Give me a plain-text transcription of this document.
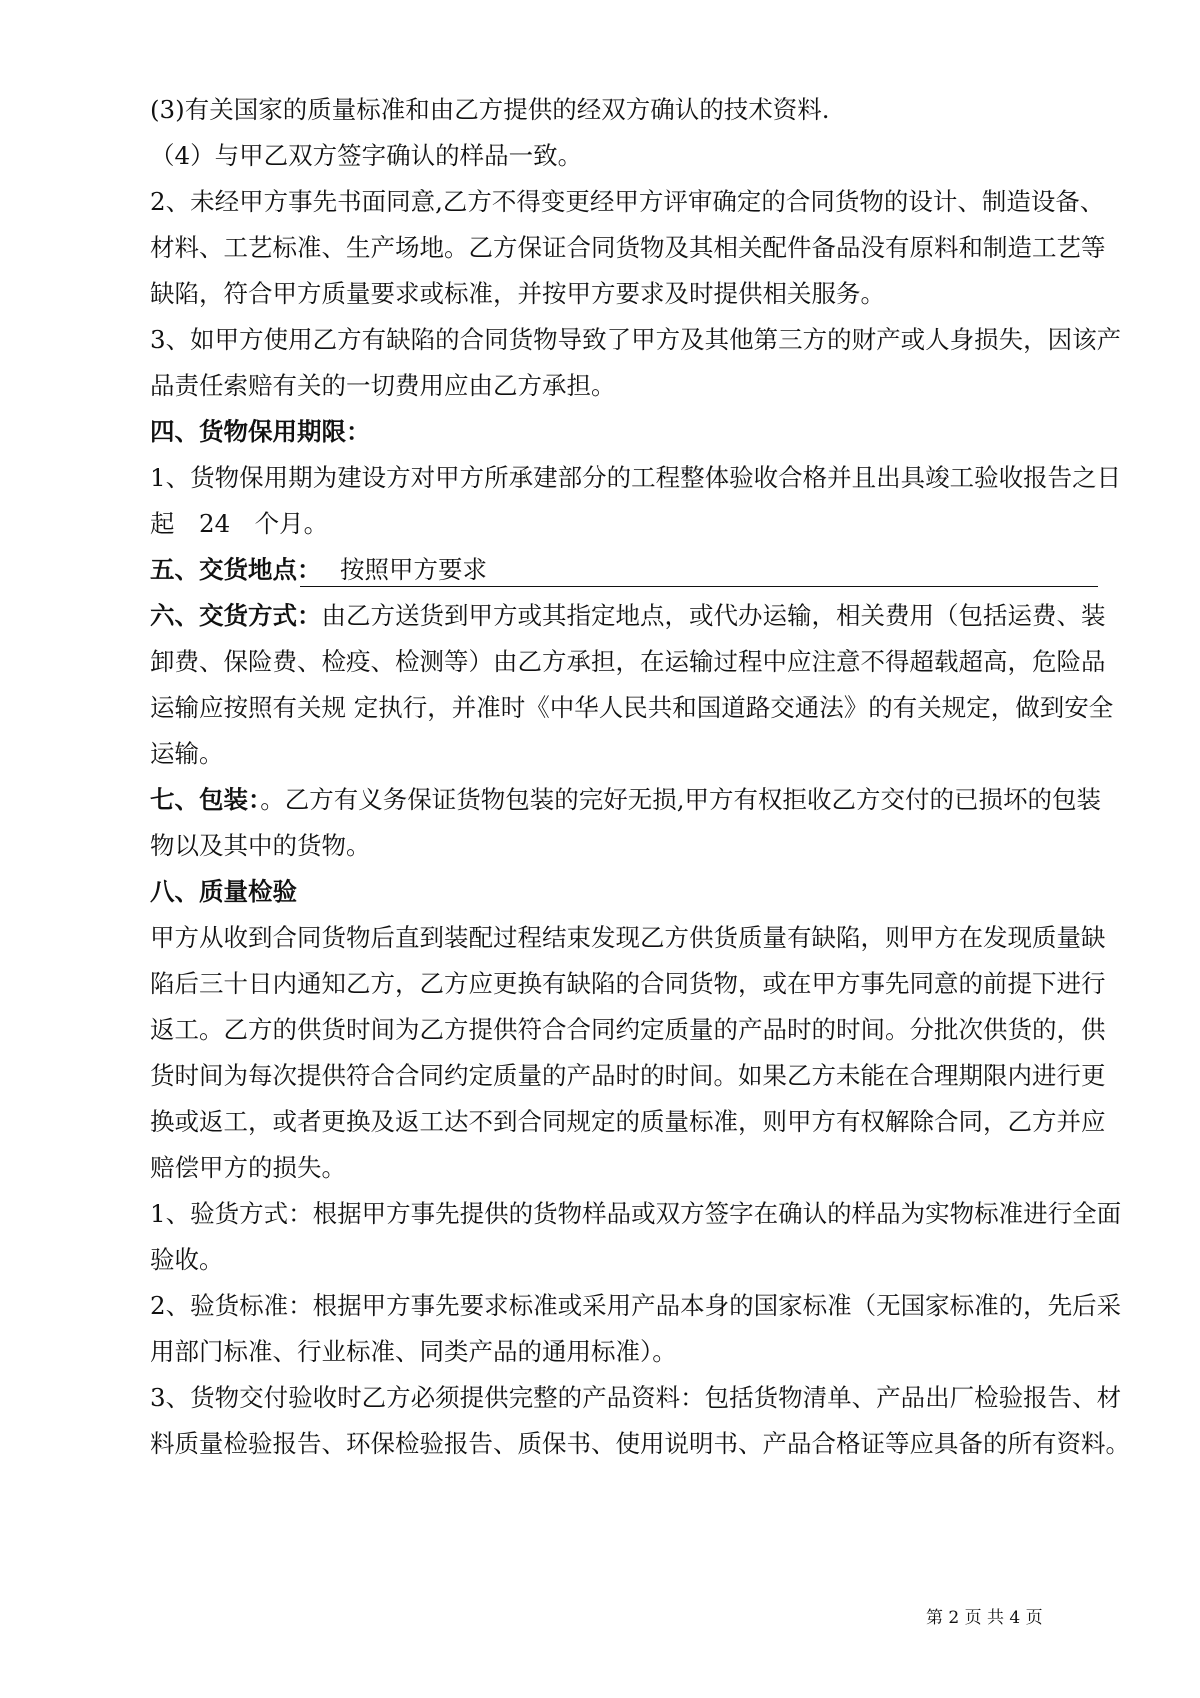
(3)有关国家的质量标准和由乙方提供的经双方确认的技术资料.
（4）与甲乙双方签字确认的样品一致。
2、未经甲方事先书面同意,乙方不得变更经甲方评审确定的合同货物的设计、制造设备、
材料、工艺标准、生产场地。乙方保证合同货物及其相关配件备品没有原料和制造工艺等
缺陷，符合甲方质量要求或标准，并按甲方要求及时提供相关服务。
3、如甲方使用乙方有缺陷的合同货物导致了甲方及其他第三方的财产或人身损失，因该产
品责任索赔有关的一切费用应由乙方承担。
四、货物保用期限：
1、货物保用期为建设方对甲方所承建部分的工程整体验收合格并且出具竣工验收报告之日
起　24　个月。
五、交货地点： 按照甲方要求
六、交货方式：由乙方送货到甲方或其指定地点，或代办运输，相关费用（包括运费、装
卸费、保险费、检疫、检测等）由乙方承担，在运输过程中应注意不得超载超高，危险品
运输应按照有关规 定执行，并准时《中华人民共和国道路交通法》的有关规定，做到安全
运输。
七、包装：。乙方有义务保证货物包装的完好无损,甲方有权拒收乙方交付的已损坏的包装
物以及其中的货物。
八、质量检验
甲方从收到合同货物后直到装配过程结束发现乙方供货质量有缺陷，则甲方在发现质量缺
陷后三十日内通知乙方，乙方应更换有缺陷的合同货物，或在甲方事先同意的前提下进行
返工。乙方的供货时间为乙方提供符合合同约定质量的产品时的时间。分批次供货的，供
货时间为每次提供符合合同约定质量的产品时的时间。如果乙方未能在合理期限内进行更
换或返工，或者更换及返工达不到合同规定的质量标准，则甲方有权解除合同，乙方并应
赔偿甲方的损失。
1、验货方式：根据甲方事先提供的货物样品或双方签字在确认的样品为实物标准进行全面
验收。
2、验货标准：根据甲方事先要求标准或采用产品本身的国家标准（无国家标准的，先后采
用部门标准、行业标准、同类产品的通用标准）。
3、货物交付验收时乙方必须提供完整的产品资料：包括货物清单、产品出厂检验报告、材
料质量检验报告、环保检验报告、质保书、使用说明书、产品合格证等应具备的所有资料。
第 2 页 共 4 页
